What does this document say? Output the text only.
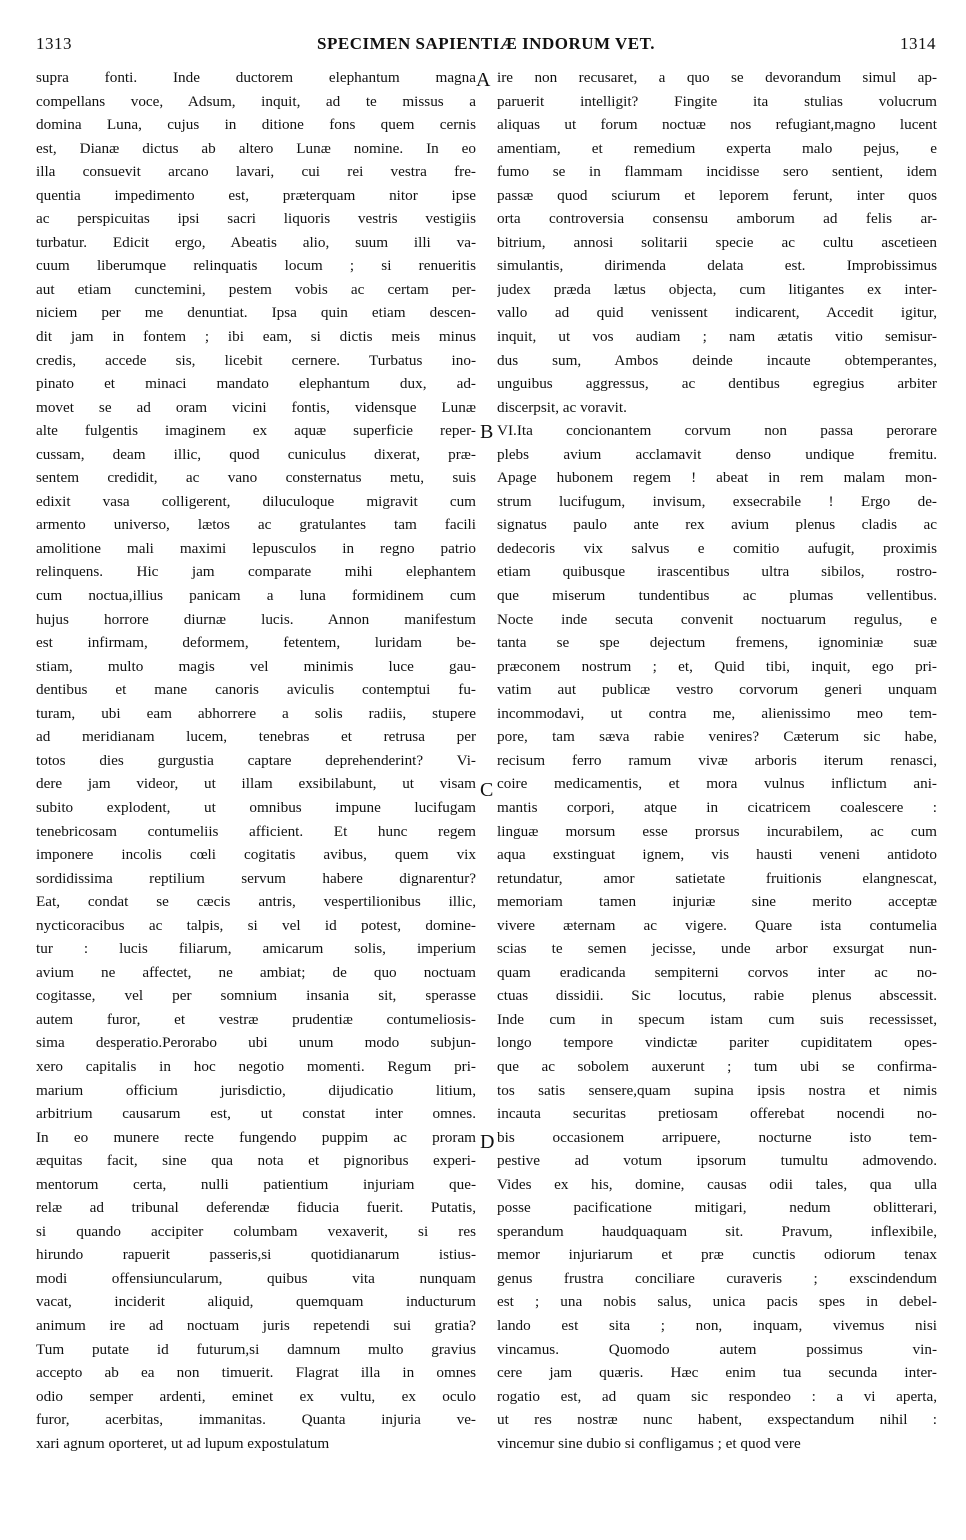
1313	SPECIMEN SAPIENTIÆ INDORUM VET.	1314
supra fonti. Inde ductorem elephantum magna
compellans voce, Adsum, inquit, ad te missus a
domina Luna, cujus in ditione fons quem cernis
est, Dianæ dictus ab altero Lunæ nomine. In eo
illa consuevit arcano lavari, cui rei vestra fre-
quentia impedimento est, præterquam nitor ipse
ac perspicuitas ipsi sacri liquoris vestris vestigiis
turbatur. Edicit ergo, Abeatis alio, suum illi va-
cuum liberumque relinquatis locum ; si renueritis
aut etiam cunctemini, pestem vobis ac certam per-
niciem per me denuntiat. Ipsa quin etiam descen-
dit jam in fontem ; ibi eam, si dictis meis minus
credis, accede sis, licebit cernere. Turbatus ino-
pinato et minaci mandato elephantum dux, ad-
movet se ad oram vicini fontis, vidensque Lunæ
alte fulgentis imaginem ex aquæ superficie reper-
cussam, deam illic, quod cuniculus dixerat, præ-
sentem credidit, ac vano consternatus metu, suis
edixit vasa colligerent, diluculoque migravit cum
armento universo, lætos ac gratulantes tam facili
amolitione mali maximi lepusculos in regno patrio
relinquens. Hic jam comparate mihi elephantem
cum noctua,illius panicam a luna formidinem cum
hujus horrore diurnæ lucis. Annon manifestum
est infirmam, deformem, fetentem, luridam be-
stiam, multo magis vel minimis luce gau-
dentibus et mane canoris aviculis contemptui fu-
turam, ubi eam abhorrere a solis radiis, stupere
ad meridianam lucem, tenebras et retrusa per
totos dies gurgustia captare deprehenderint? Vi-
dere jam videor, ut illam exsibilabunt, ut visam
subito explodent, ut omnibus impune lucifugam
tenebricosam contumeliis afficient. Et hunc regem
imponere incolis cœli cogitatis avibus, quem vix
sordidissima reptilium servum habere dignarentur?
Eat, condat se cæcis antris, vespertilionibus illic,
nycticoracibus ac talpis, si vel id potest, domine-
tur : lucis filiarum, amicarum solis, imperium
avium ne affectet, ne ambiat; de quo noctuam
cogitasse, vel per somnium insania sit, sperasse
autem furor, et vestræ prudentiæ contumeliosis-
sima desperatio.Perorabo ubi unum modo subjun-
xero capitalis in hoc negotio momenti. Regum pri-
marium officium jurisdictio, dijudicatio litium,
arbitrium causarum est, ut constat inter omnes.
In eo munere recte fungendo puppim ac proram
æquitas facit, sine qua nota et pignoribus experi-
mentorum certa, nulli patientium injuriam que-
relæ ad tribunal deferendæ fiducia fuerit. Putatis,
si quando accipiter columbam vexaverit, si res
hirundo rapuerit passeris,si quotidianarum istius-
modi offensiuncularum, quibus vita nunquam
vacat, inciderit aliquid, quemquam inducturum
animum ire ad noctuam juris repetendi sui gratia?
Tum putate id futurum,si damnum multo gravius
accepto ab ea non timuerit. Flagrat illa in omnes
odio semper ardenti, eminet ex vultu, ex oculo
furor, acerbitas, immanitas. Quanta injuria ve-
xari agnum oporteret, ut ad lupum expostulatum
ire non recusaret, a quo se devorandum simul ap-
paruerit intelligit? Fingite ita stulias volucrum
aliquas ut forum noctuæ nos refugiant,magno lucent
amentiam, et remedium experta malo pejus, e
fumo se in flammam incidisse sero sentient, idem
passæ quod sciurum et leporem ferunt, inter quos
orta controversia consensu amborum ad felis ar-
bitrium, annosi solitarii specie ac cultu ascetieen
simulantis, dirimenda delata est. Improbissimus
judex præda lætus objecta, cum litigantes ex inter-
vallo ad quid venissent indicarent, Accedit igitur,
inquit, ut vos audiam ; nam ætatis vitio semisur-
dus sum, Ambos deinde incaute obtemperantes,
unguibus aggressus, ac dentibus egregius arbiter
discerpsit, ac voravit.
VI.Ita concionantem corvum non passa perorare
plebs avium acclamavit denso undique fremitu.
Apage hubonem regem ! abeat in rem malam mon-
strum lucifugum, invisum, exsecrabile ! Ergo de-
signatus paulo ante rex avium plenus cladis ac
dedecoris vix salvus e comitio aufugit, proximis
etiam quibusque irascentibus ultra sibilos, rostro-
que miserum tundentibus ac plumas vellentibus.
Nocte inde secuta convenit noctuarum regulus, e
tanta se spe dejectum fremens, ignominiæ suæ
præconem nostrum ; et, Quid tibi, inquit, ego pri-
vatim aut publicæ vestro corvorum generi unquam
incommodavi, ut contra me, alienissimo meo tem-
pore, tam sæva rabie venires? Cæterum sic habe,
recisum ferro ramum vivæ arboris iterum renasci,
coire medicamentis, et mora vulnus inflictum ani-
mantis corpori, atque in cicatricem coalescere :
linguæ morsum esse prorsus incurabilem, ac cum
aqua exstinguat ignem, vis hausti veneni antidoto
retundatur, amor satietate fruitionis elangnescat,
memoriam tamen injuriæ sine merito acceptæ
vivere æternam ac vigere. Quare ista contumelia
scias te semen jecisse, unde arbor exsurgat nun-
quam eradicanda sempiterni corvos inter ac no-
ctuas dissidii. Sic locutus, rabie plenus abscessit.
Inde cum in specum istam cum suis recessisset,
longo tempore vindictæ pariter cupiditatem opes-
que ac sobolem auxerunt ; tum ubi se confirma-
tos satis sensere,quam supina ipsis nostra et nimis
incauta securitas pretiosam offerebat nocendi no-
bis occasionem arripuere, nocturne isto tem-
pestive ad votum ipsorum tumultu admovendo.
Vides ex his, domine, causas odii tales, qua ulla
posse pacificatione mitigari, nedum oblitterari,
sperandum haudquaquam sit. Pravum, inflexibile,
memor injuriarum et præ cunctis odiorum tenax
genus frustra conciliare curaveris ; exscindendum
est ; una nobis salus, unica pacis spes in debel-
lando est sita ; non, inquam, vivemus nisi
vincamus. Quomodo autem possimus vin-
cere jam quæris. Hæc enim tua secunda inter-
rogatio est, ad quam sic respondeo : a vi aperta,
ut res nostræ nunc habent, exspectandum nihil :
vincemur sine dubio si confligamus ; et quod vere
A
B
C
D
